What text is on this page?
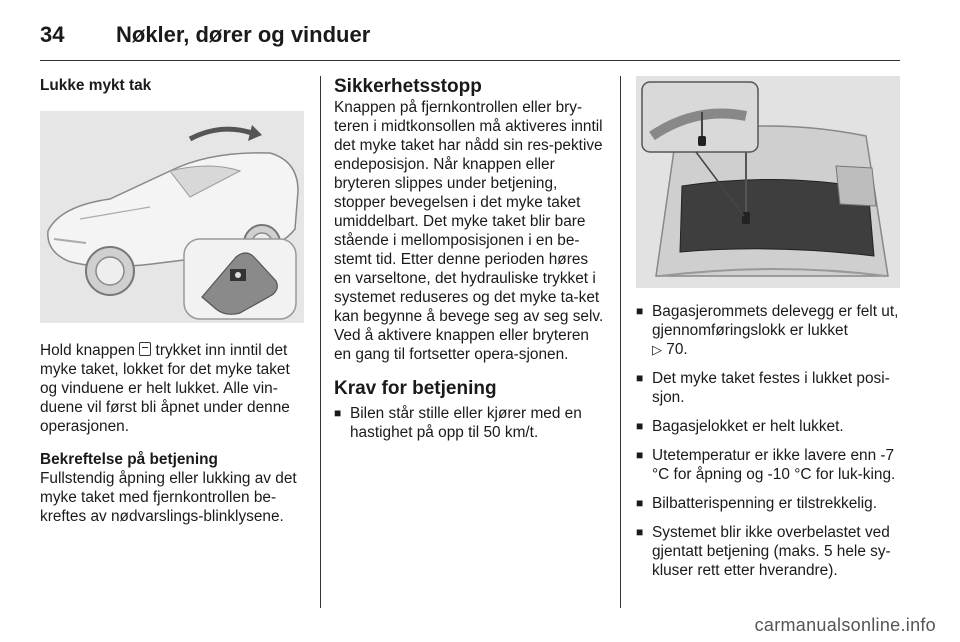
34 Nøkler, dører og vinduer

Lukke mykt tak

Hold knappen  trykket inn inntil det myke taket, lokket for det myke taket og vinduene er helt lukket. Alle vin-duene vil først bli åpnet under denne operasjonen.

Bekreftelse på betjening

Fullstendig åpning eller lukking av det myke taket med fjernkontrollen be-kreftes av nødvarslings-blinklysene.

Sikkerhetsstopp

Knappen på fjernkontrollen eller bry-teren i midtkonsollen må aktiveres inntil det myke taket har nådd sin res-pektive endeposisjon. Når knappen eller bryteren slippes under betjening, stopper bevegelsen i det myke taket umiddelbart. Det myke taket blir bare stående i mellomposisjonen i en be-stemt tid. Etter denne perioden høres en varseltone, det hydrauliske trykket i systemet reduseres og det myke ta-ket kan begynne å bevege seg av seg selv. Ved å aktivere knappen eller bryteren en gang til fortsetter opera-sjonen.

Krav for betjening

■ Bilen står stille eller kjører med en hastighet på opp til 50 km/t.
■ Bagasjerommets delevegg er felt ut, gjennomføringslokk er lukket
▷ 70.
■ Det myke taket festes i lukket posi-sjon.
■ Bagasjelokket er helt lukket.
■ Utetemperatur er ikke lavere enn -7 °C for åpning og -10 °C for luk-king.
■ Bilbatterispenning er tilstrekkelig.
■ Systemet blir ikke overbelastet ved gjentatt betjening (maks. 5 hele sy-kluser rett etter hverandre).
carmanualsonline.info
